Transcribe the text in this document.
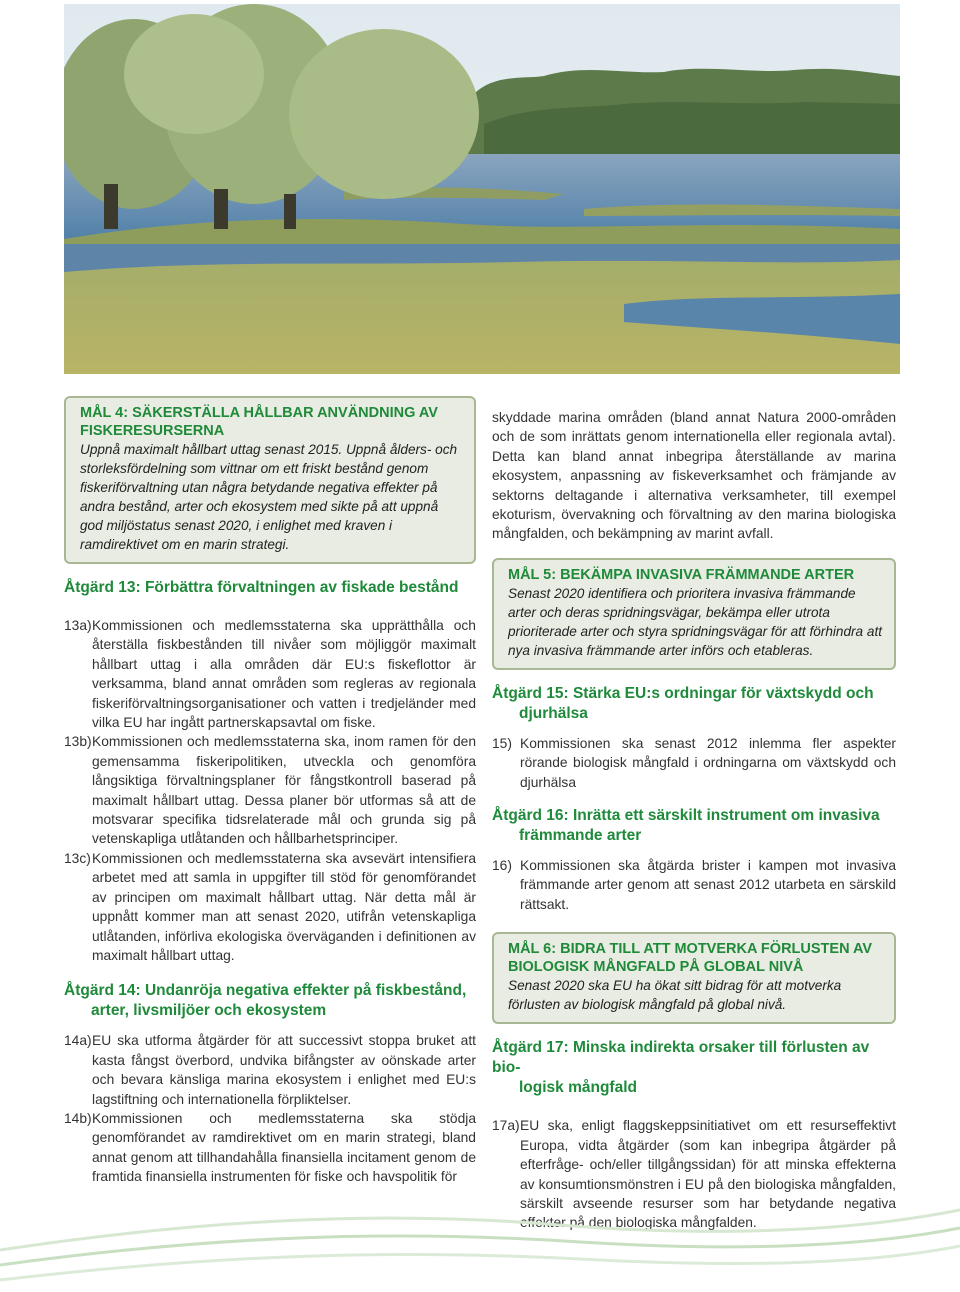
MÅL 4: SÄKERSTÄLLA HÅLLBAR ANVÄNDNING AV FISKERESURSERNA
Uppnå maximalt hållbart uttag senast 2015. Uppnå ålders- och storleksfördelning som vittnar om ett friskt bestånd genom fiskeriförvaltning utan några betydande negativa effekter på andra bestånd, arter och ekosystem med sikte på att uppnå god miljöstatus senast 2020, i enlighet med kraven i ramdirektivet om en marin strategi.
Åtgärd 13: Förbättra förvaltningen av fiskade bestånd
13a) Kommissionen och medlemsstaterna ska upprätthålla och återställa fiskbestånden till nivåer som möjliggör maximalt hållbart uttag i alla områden där EU:s fiskeflottor är verksamma, bland annat områden som regleras av regionala fiskeriförvaltningsorganisationer och vatten i tredjeländer med vilka EU har ingått partnerskapsavtal om fiske.
13b) Kommissionen och medlemsstaterna ska, inom ramen för den gemensamma fiskeripolitiken, utveckla och genomföra långsiktiga förvaltningsplaner för fångstkontroll baserad på maximalt hållbart uttag. Dessa planer bör utformas så att de motsvarar specifika tidsrelaterade mål och grunda sig på vetenskapliga utlåtanden och hållbarhetsprinciper.
13c) Kommissionen och medlemsstaterna ska avsevärt intensifiera arbetet med att samla in uppgifter till stöd för genomförandet av principen om maximalt hållbart uttag. När detta mål är uppnått kommer man att senast 2020, utifrån vetenskapliga utlåtanden, införliva ekologiska överväganden i definitionen av maximalt hållbart uttag.
Åtgärd 14: Undanröja negativa effekter på fiskbestånd,
arter, livsmiljöer och ekosystem
14a) EU ska utforma åtgärder för att successivt stoppa bruket att kasta fångst överbord, undvika bifångster av oönskade arter och bevara känsliga marina ekosystem i enlighet med EU:s lagstiftning och internationella förpliktelser.
14b) Kommissionen och medlemsstaterna ska stödja genomförandet av ramdirektivet om en marin strategi, bland annat genom att tillhandahålla finansiella incitament genom de framtida finansiella instrumenten för fiske och havspolitik för

skyddade marina områden (bland annat Natura 2000-områden och de som inrättats genom internationella eller regionala avtal). Detta kan bland annat inbegripa återställande av marina ekosystem, anpassning av fiskeverksamhet och främjande av sektorns deltagande i alternativa verksamheter, till exempel ekoturism, övervakning och förvaltning av den marina biologiska mångfalden, och bekämpning av marint avfall.

MÅL 5: BEKÄMPA INVASIVA FRÄMMANDE ARTER
Senast 2020 identifiera och prioritera invasiva främmande arter och deras spridningsvägar, bekämpa eller utrota prioriterade arter och styra spridningsvägar för att förhindra att nya invasiva främmande arter införs och etableras.
Åtgärd 15: Stärka EU:s ordningar för växtskydd och
djurhälsa
15) Kommissionen ska senast 2012 inlemma fler aspekter rörande biologisk mångfald i ordningarna om växtskydd och djurhälsa
Åtgärd 16: Inrätta ett särskilt instrument om invasiva
främmande arter
16) Kommissionen ska åtgärda brister i kampen mot invasiva främmande arter genom att senast 2012 utarbeta en särskild rättsakt.
MÅL 6: BIDRA TILL ATT MOTVERKA FÖRLUSTEN AV BIOLOGISK MÅNGFALD PÅ GLOBAL NIVÅ
Senast 2020 ska EU ha ökat sitt bidrag för att motverka förlusten av biologisk mångfald på global nivå.
Åtgärd 17: Minska indirekta orsaker till förlusten av bio-
logisk mångfald
17a) EU ska, enligt flaggskeppsinitiativet om ett resurseffektivt Europa, vidta åtgärder (som kan inbegripa åtgärder på efterfråge- och/eller tillgångssidan) för att minska effekterna av konsumtionsmönstren i EU på den biologiska mångfalden, särskilt avseende resurser som har betydande negativa effekter på den biologiska mångfalden.
